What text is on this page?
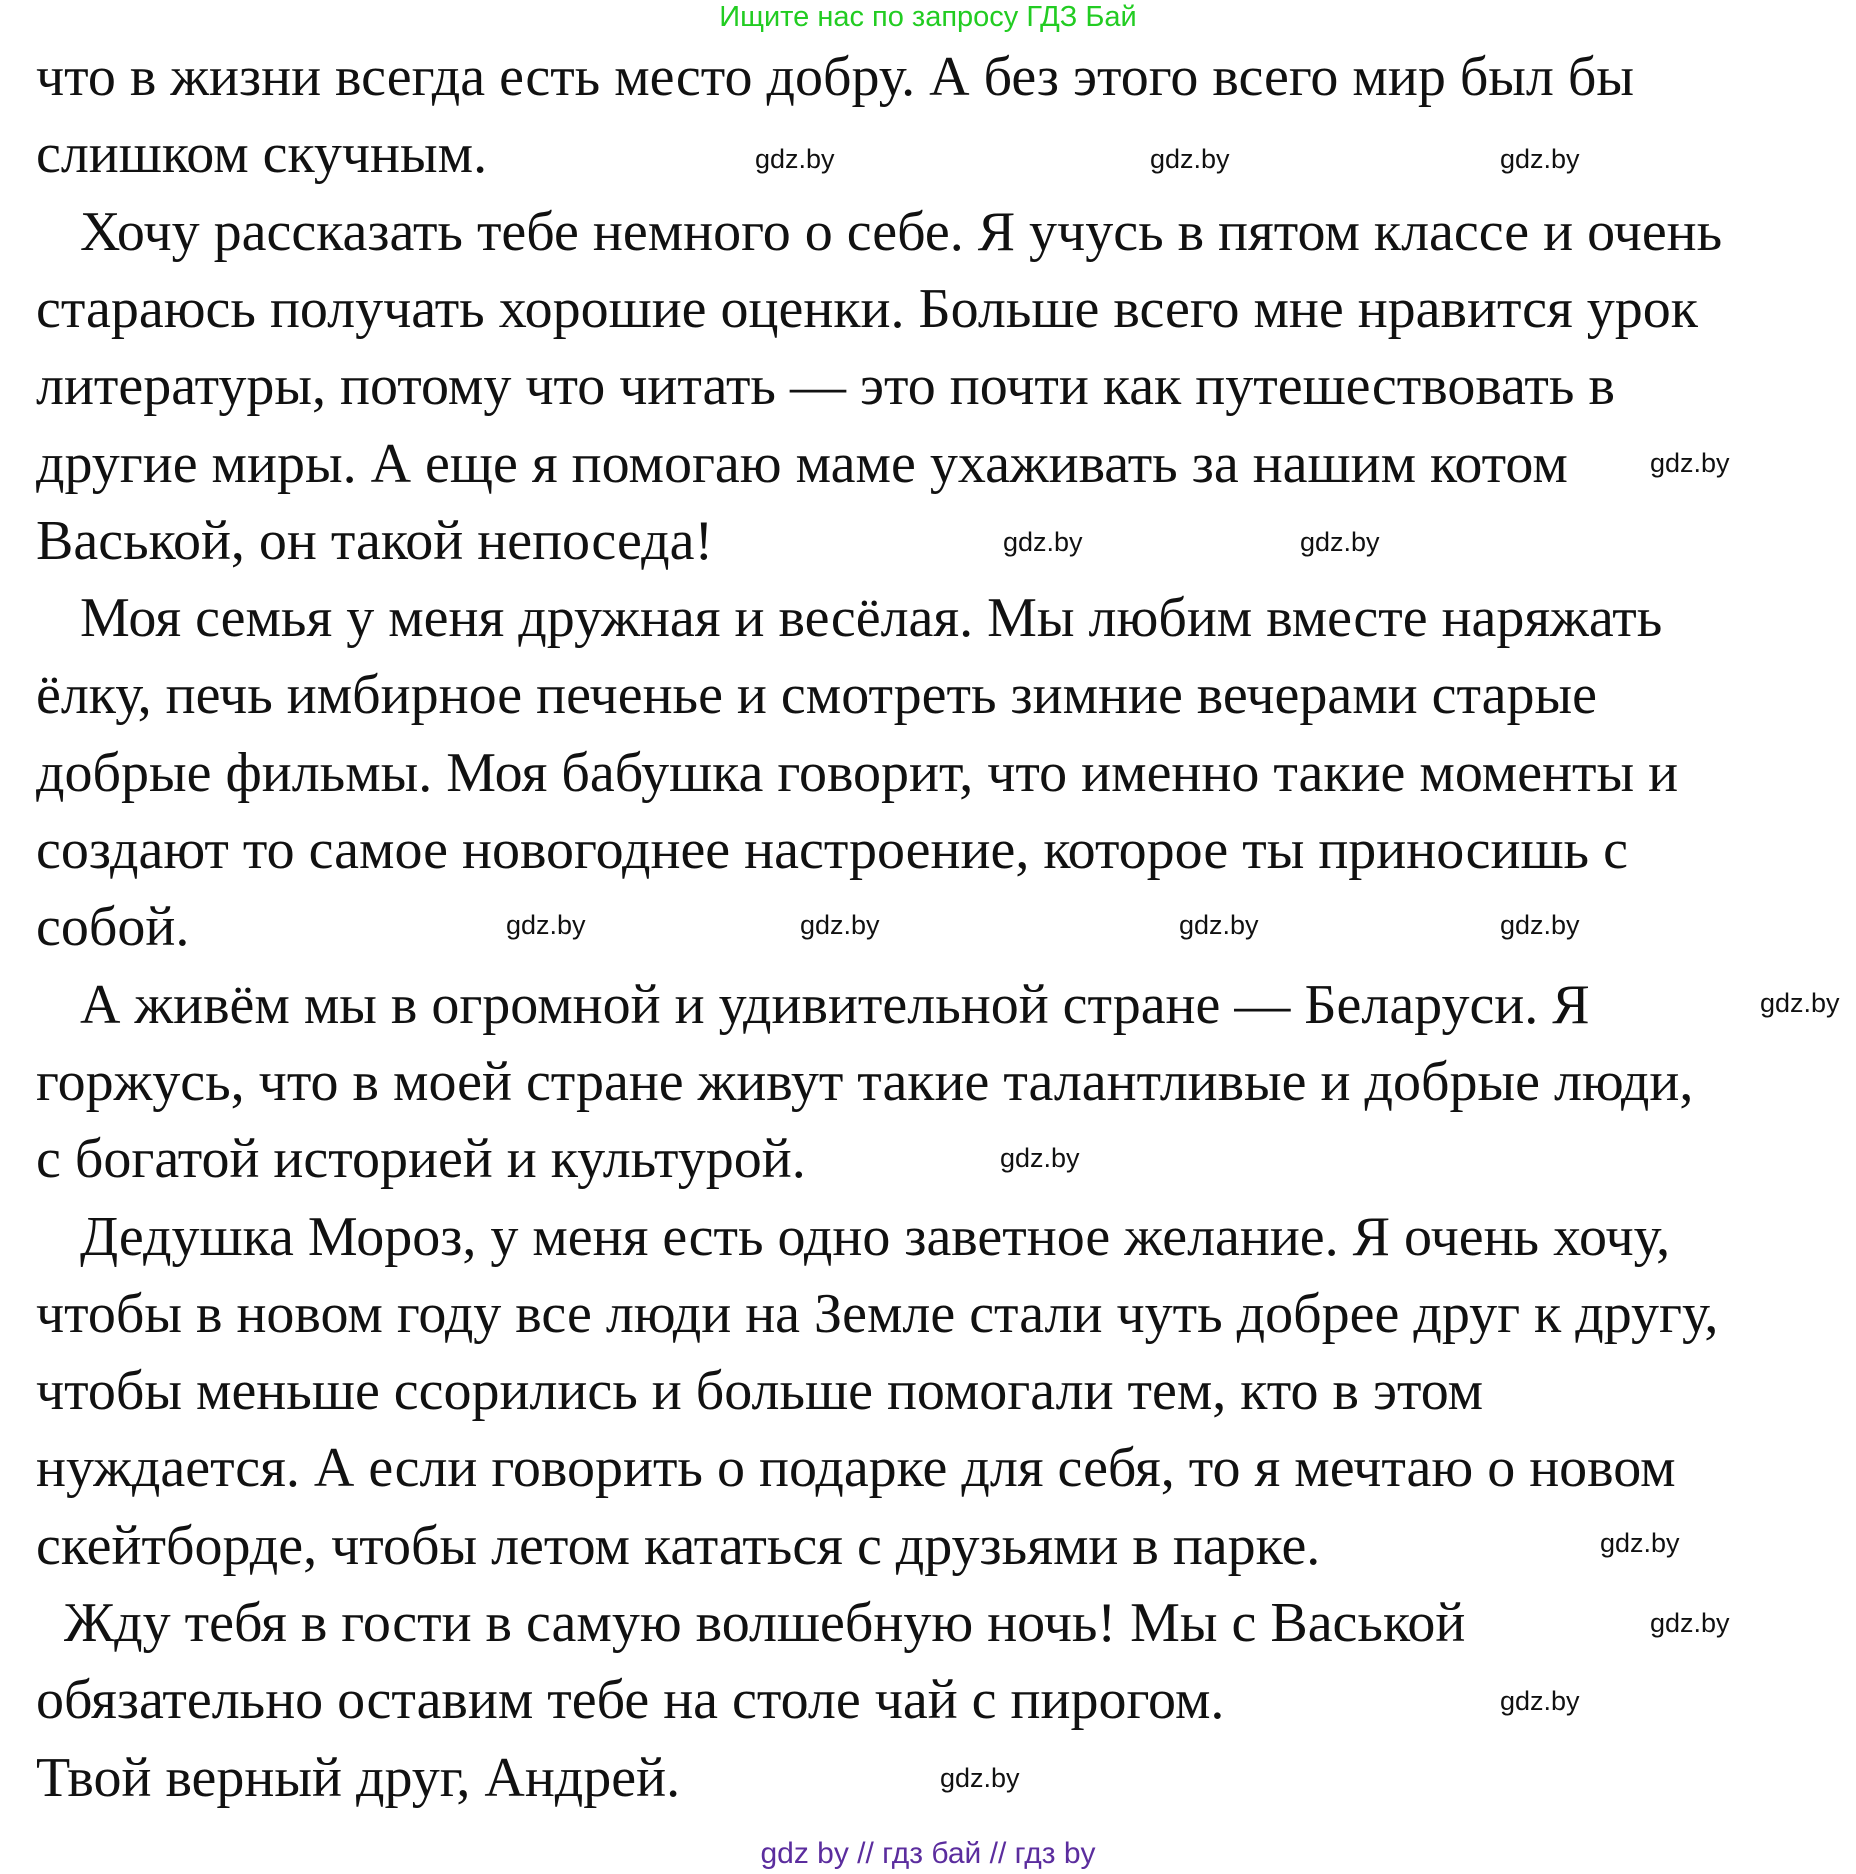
Ищите нас по запросу ГДЗ Бай
что в жизни всегда есть место добру. А без этого всего мир был бы
слишком скучным.
Хочу рассказать тебе немного о себе. Я учусь в пятом классе и очень
стараюсь получать хорошие оценки. Больше всего мне нравится урок
литературы, потому что читать — это почти как путешествовать в
другие миры. А еще я помогаю маме ухаживать за нашим котом
Васькой, он такой непоседа!
Моя семья у меня дружная и весёлая. Мы любим вместе наряжать
ёлку, печь имбирное печенье и смотреть зимние вечерами старые
добрые фильмы. Моя бабушка говорит, что именно такие моменты и
создают то самое новогоднее настроение, которое ты приносишь с
собой.
А живём мы в огромной и удивительной стране — Беларуси. Я
горжусь, что в моей стране живут такие талантливые и добрые люди,
с богатой историей и культурой.
Дедушка Мороз, у меня есть одно заветное желание. Я очень хочу,
чтобы в новом году все люди на Земле стали чуть добрее друг к другу,
чтобы меньше ссорились и больше помогали тем, кто в этом
нуждается. А если говорить о подарке для себя, то я мечтаю о новом
скейтборде, чтобы летом кататься с друзьями в парке.
Жду тебя в гости в самую волшебную ночь! Мы с Васькой
обязательно оставим тебе на столе чай с пирогом.
Твой верный друг, Андрей.
gdz by // гдз бай // гдз by
gdz.by	gdz.by	gdz.by
gdz.by
gdz.by	gdz.by
gdz.by
gdz.by	gdz.by
gdz.by
gdz.by
gdz.by
gdz.by
gdz.by
gdz.by
gdz.by
